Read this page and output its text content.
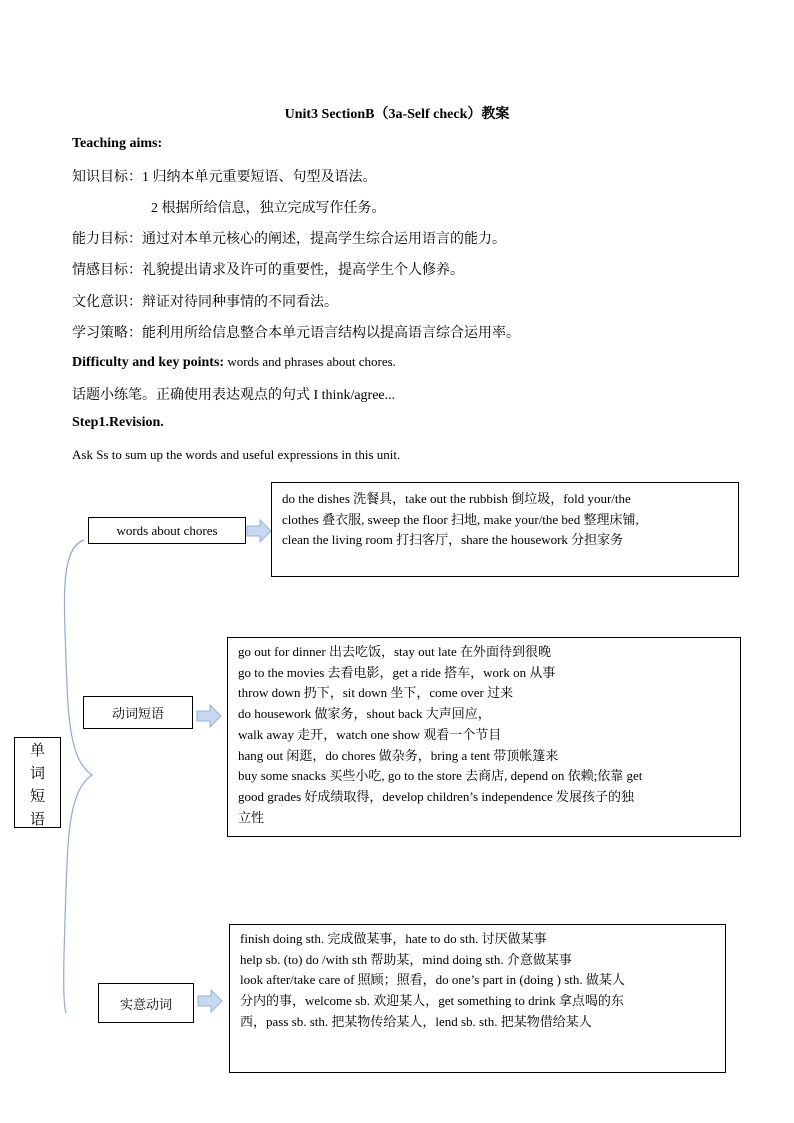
Unit3 SectionB（3a-Self check）教案
Teaching aims:
知识目标：1 归纳本单元重要短语、句型及语法。
2 根据所给信息，独立完成写作任务。
能力目标：通过对本单元核心的阐述，提高学生综合运用语言的能力。
情感目标：礼貌提出请求及许可的重要性，提高学生个人修养。
文化意识：辩证对待同种事情的不同看法。
学习策略：能利用所给信息整合本单元语言结构以提高语言综合运用率。
Difficulty and key points: words and phrases about chores.
话题小练笔。正确使用表达观点的句式 I think/agree...
Step1.Revision.
Ask Ss to sum up the words and useful expressions in this unit.
单
词
短
语
words about chores
do the dishes 洗餐具，take out the rubbish 倒垃圾，fold your/the
clothes 叠衣服, sweep the floor 扫地, make your/the bed 整理床铺,
clean the living room 打扫客厅，share the housework 分担家务
动词短语
go out for dinner 出去吃饭，stay out late 在外面待到很晚
go to the movies 去看电影，get a ride 搭车，work on 从事
throw down 扔下，sit down 坐下，come over 过来
do housework 做家务，shout back 大声回应，
walk away 走开，watch one show 观看一个节目
hang out 闲逛，do chores 做杂务，bring a tent 带顶帐篷来
buy some snacks 买些小吃, go to the store 去商店, depend on 依赖;依靠 get
good grades 好成绩取得，develop children’s independence 发展孩子的独
立性
实意动词
finish doing sth. 完成做某事，hate to do sth. 讨厌做某事
help sb. (to) do /with sth 帮助某，mind doing sth. 介意做某事
look after/take care of 照顾；照看，do one’s part in (doing ) sth. 做某人
分内的事，welcome sb. 欢迎某人，get something to drink 拿点喝的东
西，pass sb. sth. 把某物传给某人，lend sb. sth. 把某物借给某人
